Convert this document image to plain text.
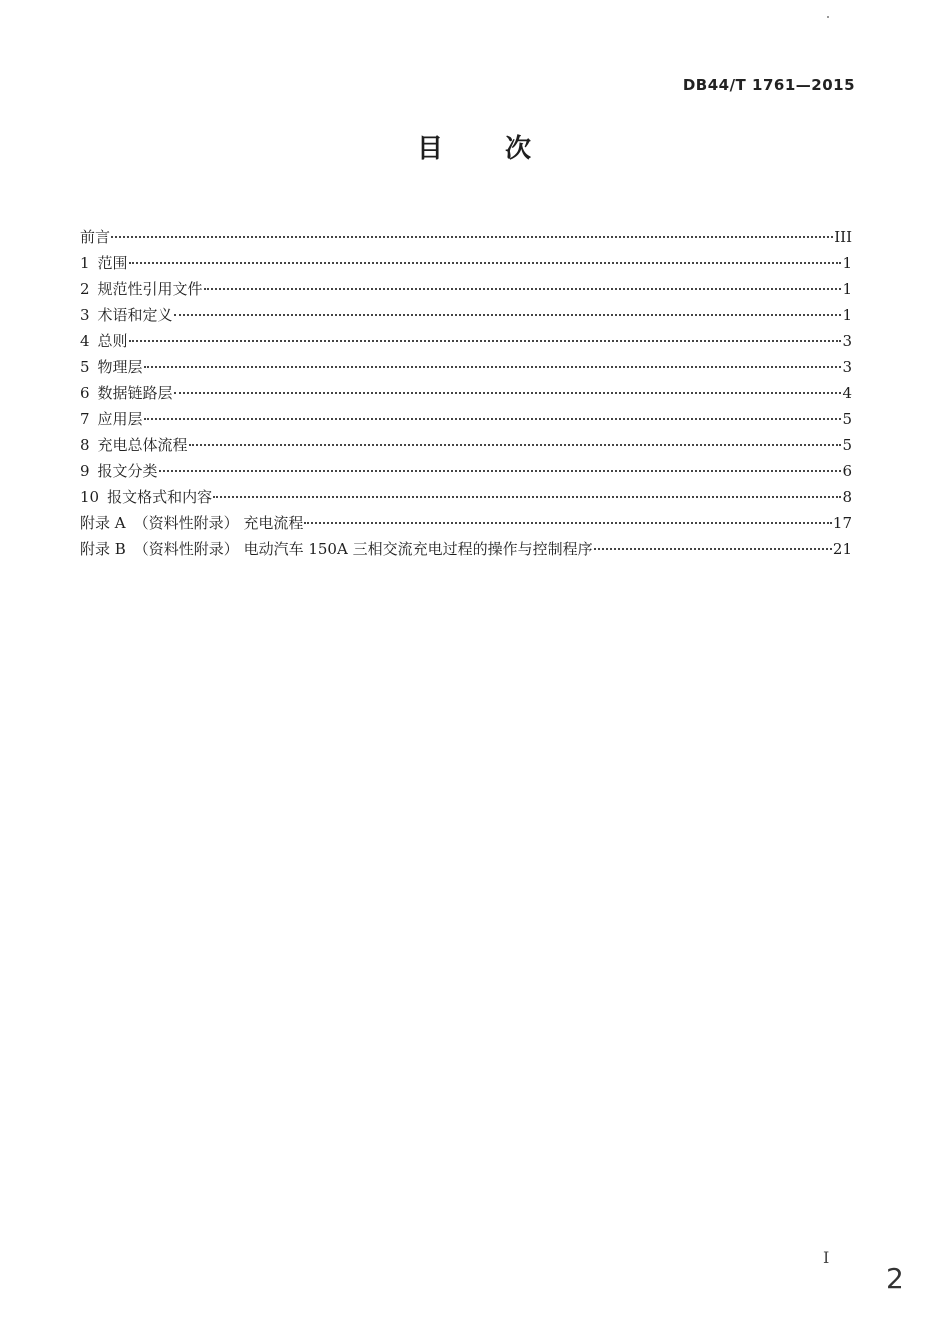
DB44/T 1761—2015
目 次
前言	III
1 范围	1
2 规范性引用文件	1
3 术语和定义	1
4 总则	3
5 物理层	3
6 数据链路层	4
7 应用层	5
8 充电总体流程	5
9 报文分类	6
10 报文格式和内容	8
附录 A （资料性附录） 充电流程	17
附录 B （资料性附录） 电动汽车 150A 三相交流充电过程的操作与控制程序	21
I
2
